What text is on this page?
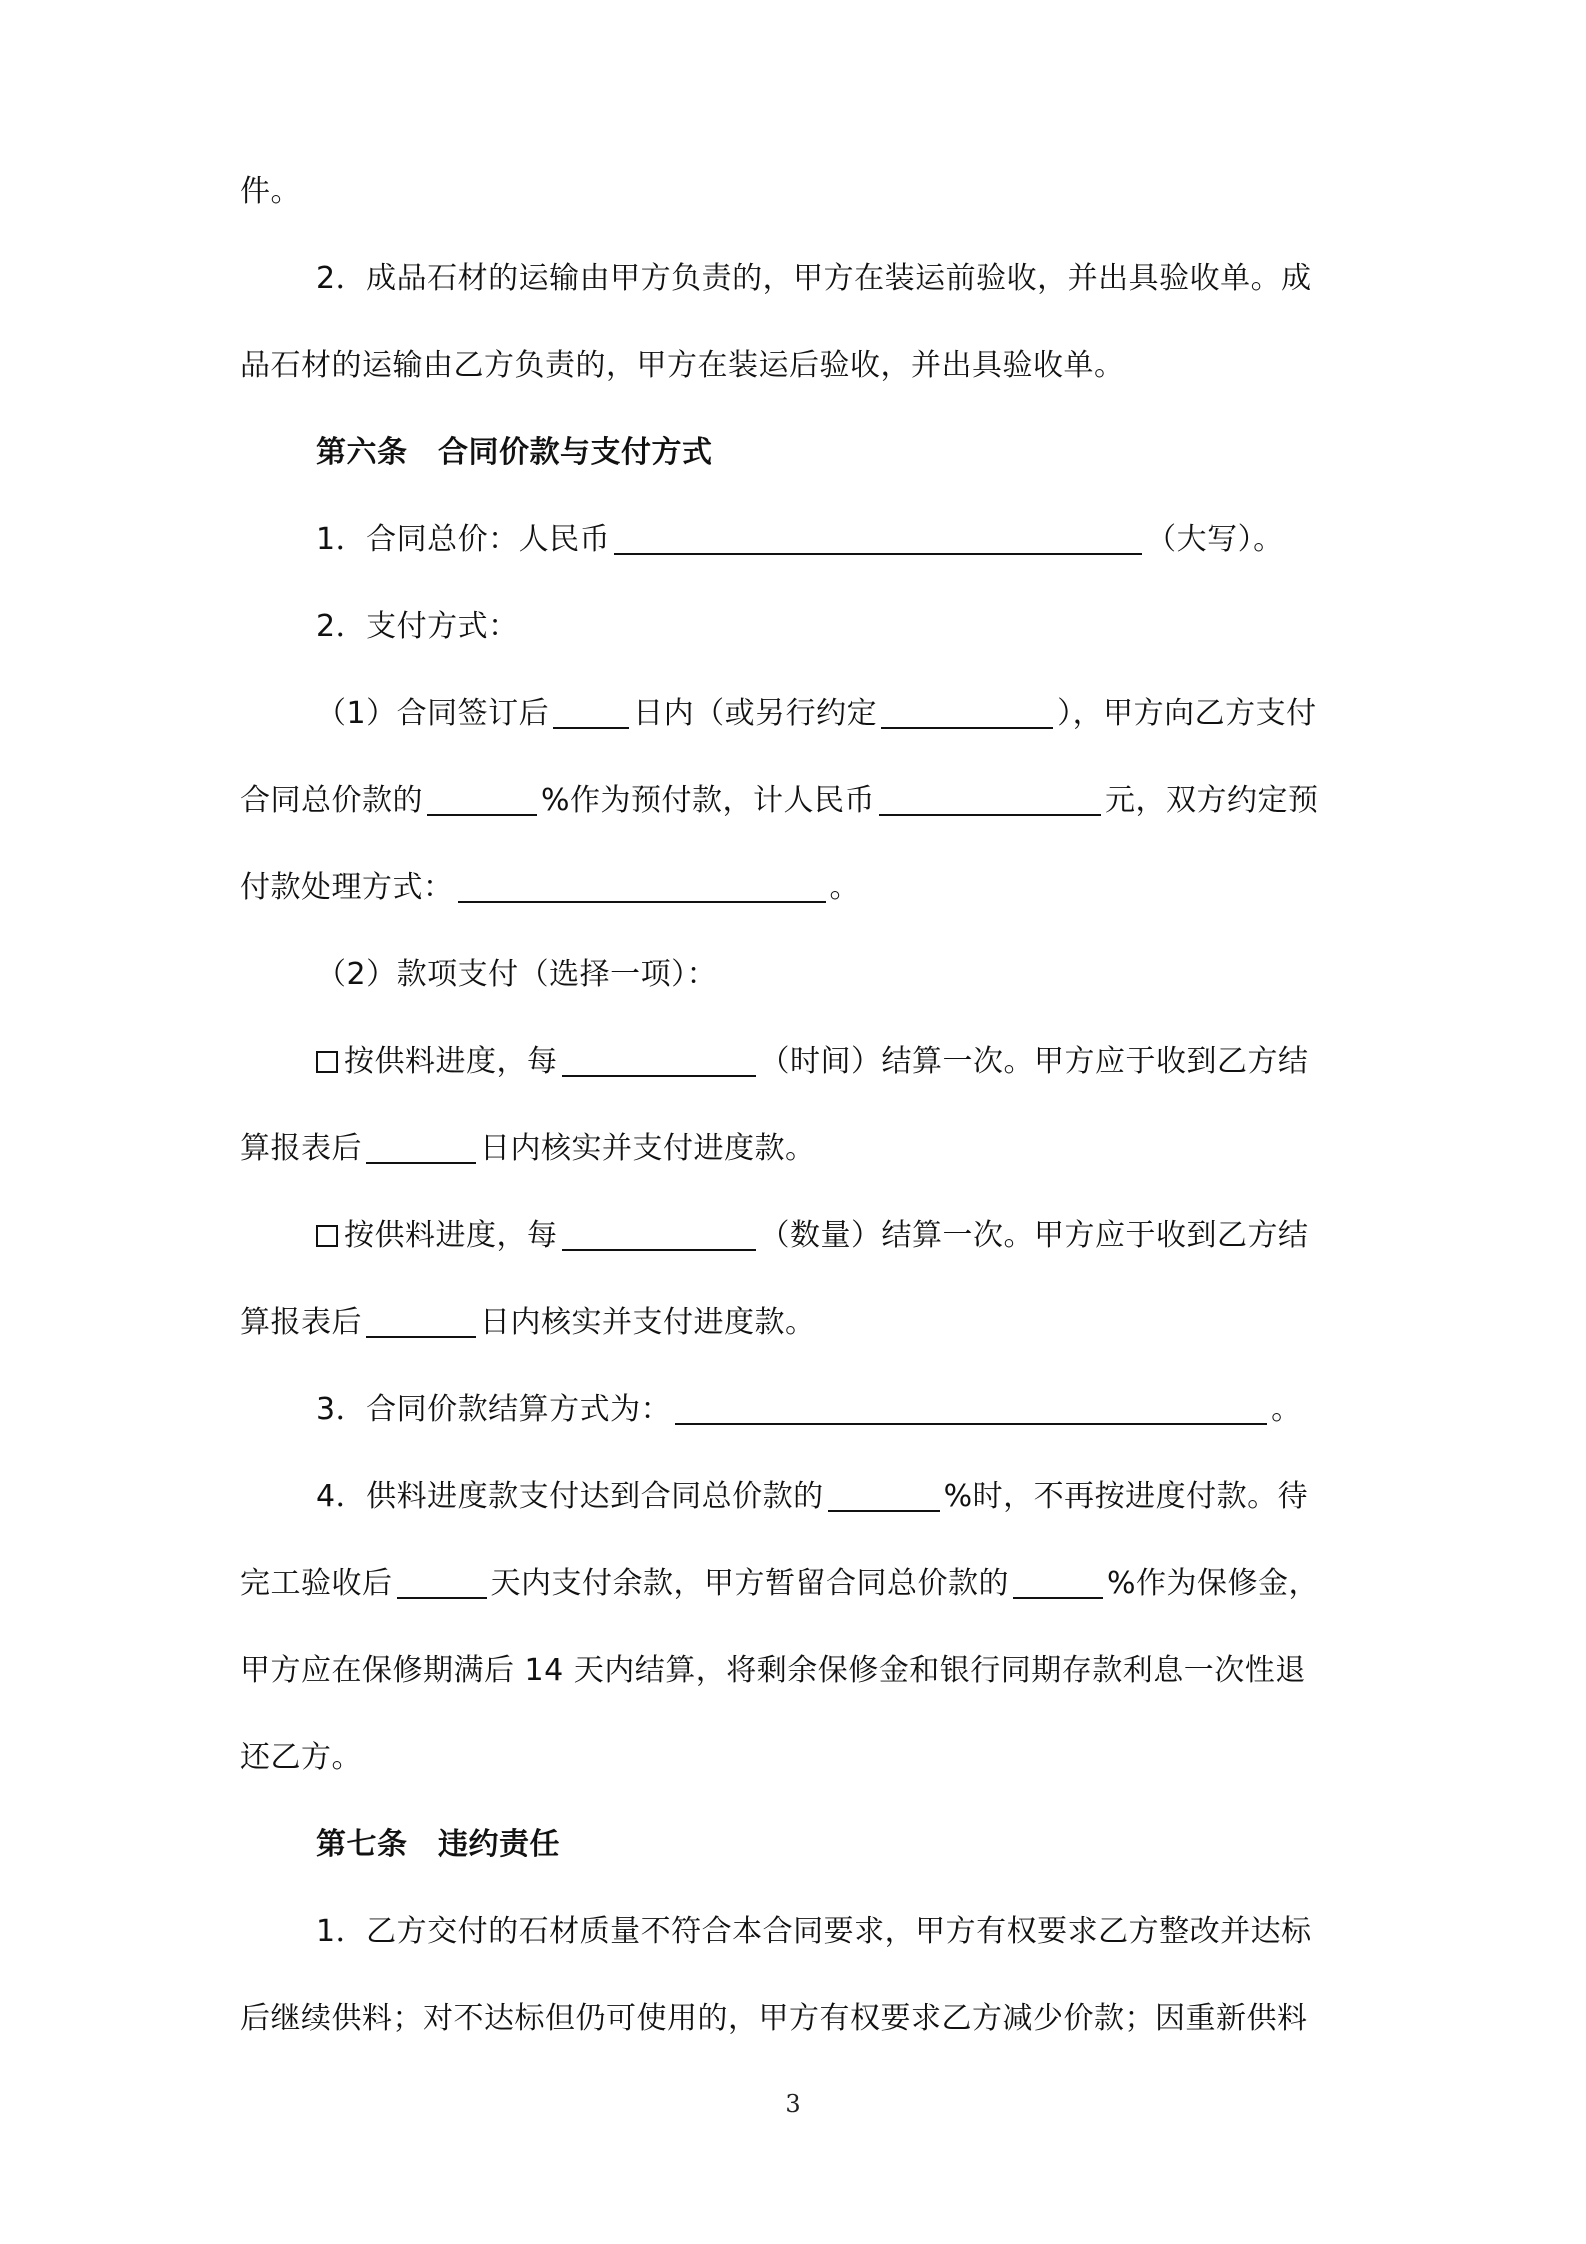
件。
2．成品石材的运输由甲方负责的，甲方在装运前验收，并出具验收单。成
品石材的运输由乙方负责的，甲方在装运后验收，并出具验收单。
第六条　合同价款与支付方式
1．合同总价：人民币	（大写）。
2．支付方式：
（1）合同签订后	日内（或另行约定	），甲方向乙方支付
合同总价款的	%作为预付款，计人民币	元，双方约定预
付款处理方式：	。
（2）款项支付（选择一项）：
按供料进度，每	（时间）结算一次。甲方应于收到乙方结
算报表后	日内核实并支付进度款。
按供料进度，每	（数量）结算一次。甲方应于收到乙方结
算报表后	日内核实并支付进度款。
3．合同价款结算方式为：	。
4．供料进度款支付达到合同总价款的	%时，不再按进度付款。待
完工验收后	天内支付余款，甲方暂留合同总价款的	%作为保修金，
甲方应在保修期满后 14 天内结算，将剩余保修金和银行同期存款利息一次性退
还乙方。
第七条　违约责任
1．乙方交付的石材质量不符合本合同要求，甲方有权要求乙方整改并达标
后继续供料；对不达标但仍可使用的，甲方有权要求乙方减少价款；因重新供料
3
